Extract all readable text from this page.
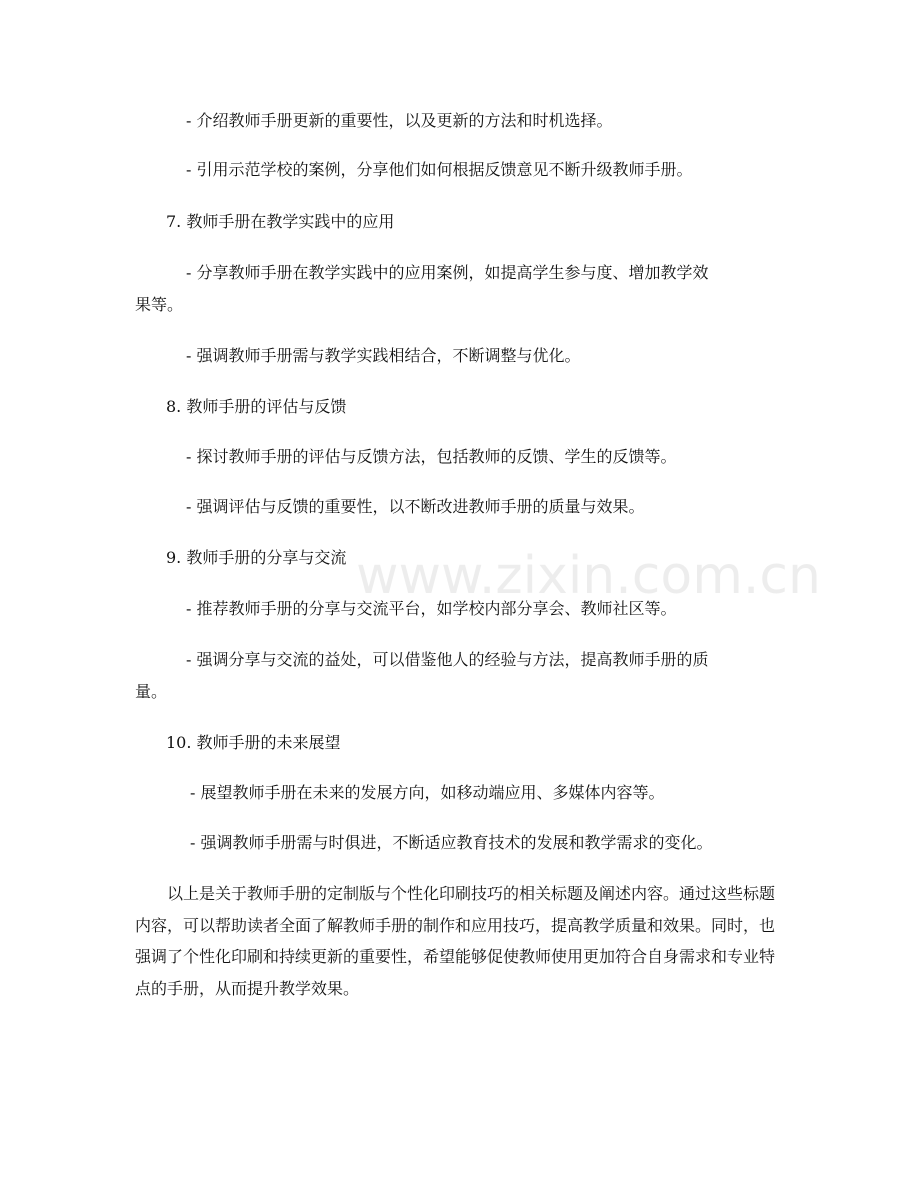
www.zixin.com.cn
- 介绍教师手册更新的重要性，以及更新的方法和时机选择。
- 引用示范学校的案例，分享他们如何根据反馈意见不断升级教师手册。
7. 教师手册在教学实践中的应用
- 分享教师手册在教学实践中的应用案例，如提高学生参与度、增加教学效
果等。
- 强调教师手册需与教学实践相结合，不断调整与优化。
8. 教师手册的评估与反馈
- 探讨教师手册的评估与反馈方法，包括教师的反馈、学生的反馈等。
- 强调评估与反馈的重要性，以不断改进教师手册的质量与效果。
9. 教师手册的分享与交流
- 推荐教师手册的分享与交流平台，如学校内部分享会、教师社区等。
- 强调分享与交流的益处，可以借鉴他人的经验与方法，提高教师手册的质
量。
10. 教师手册的未来展望
- 展望教师手册在未来的发展方向，如移动端应用、多媒体内容等。
- 强调教师手册需与时俱进，不断适应教育技术的发展和教学需求的变化。
以上是关于教师手册的定制版与个性化印刷技巧的相关标题及阐述内容。通过这些标题内容，可以帮助读者全面了解教师手册的制作和应用技巧，提高教学质量和效果。同时，也强调了个性化印刷和持续更新的重要性，希望能够促使教师使用更加符合自身需求和专业特点的手册，从而提升教学效果。
